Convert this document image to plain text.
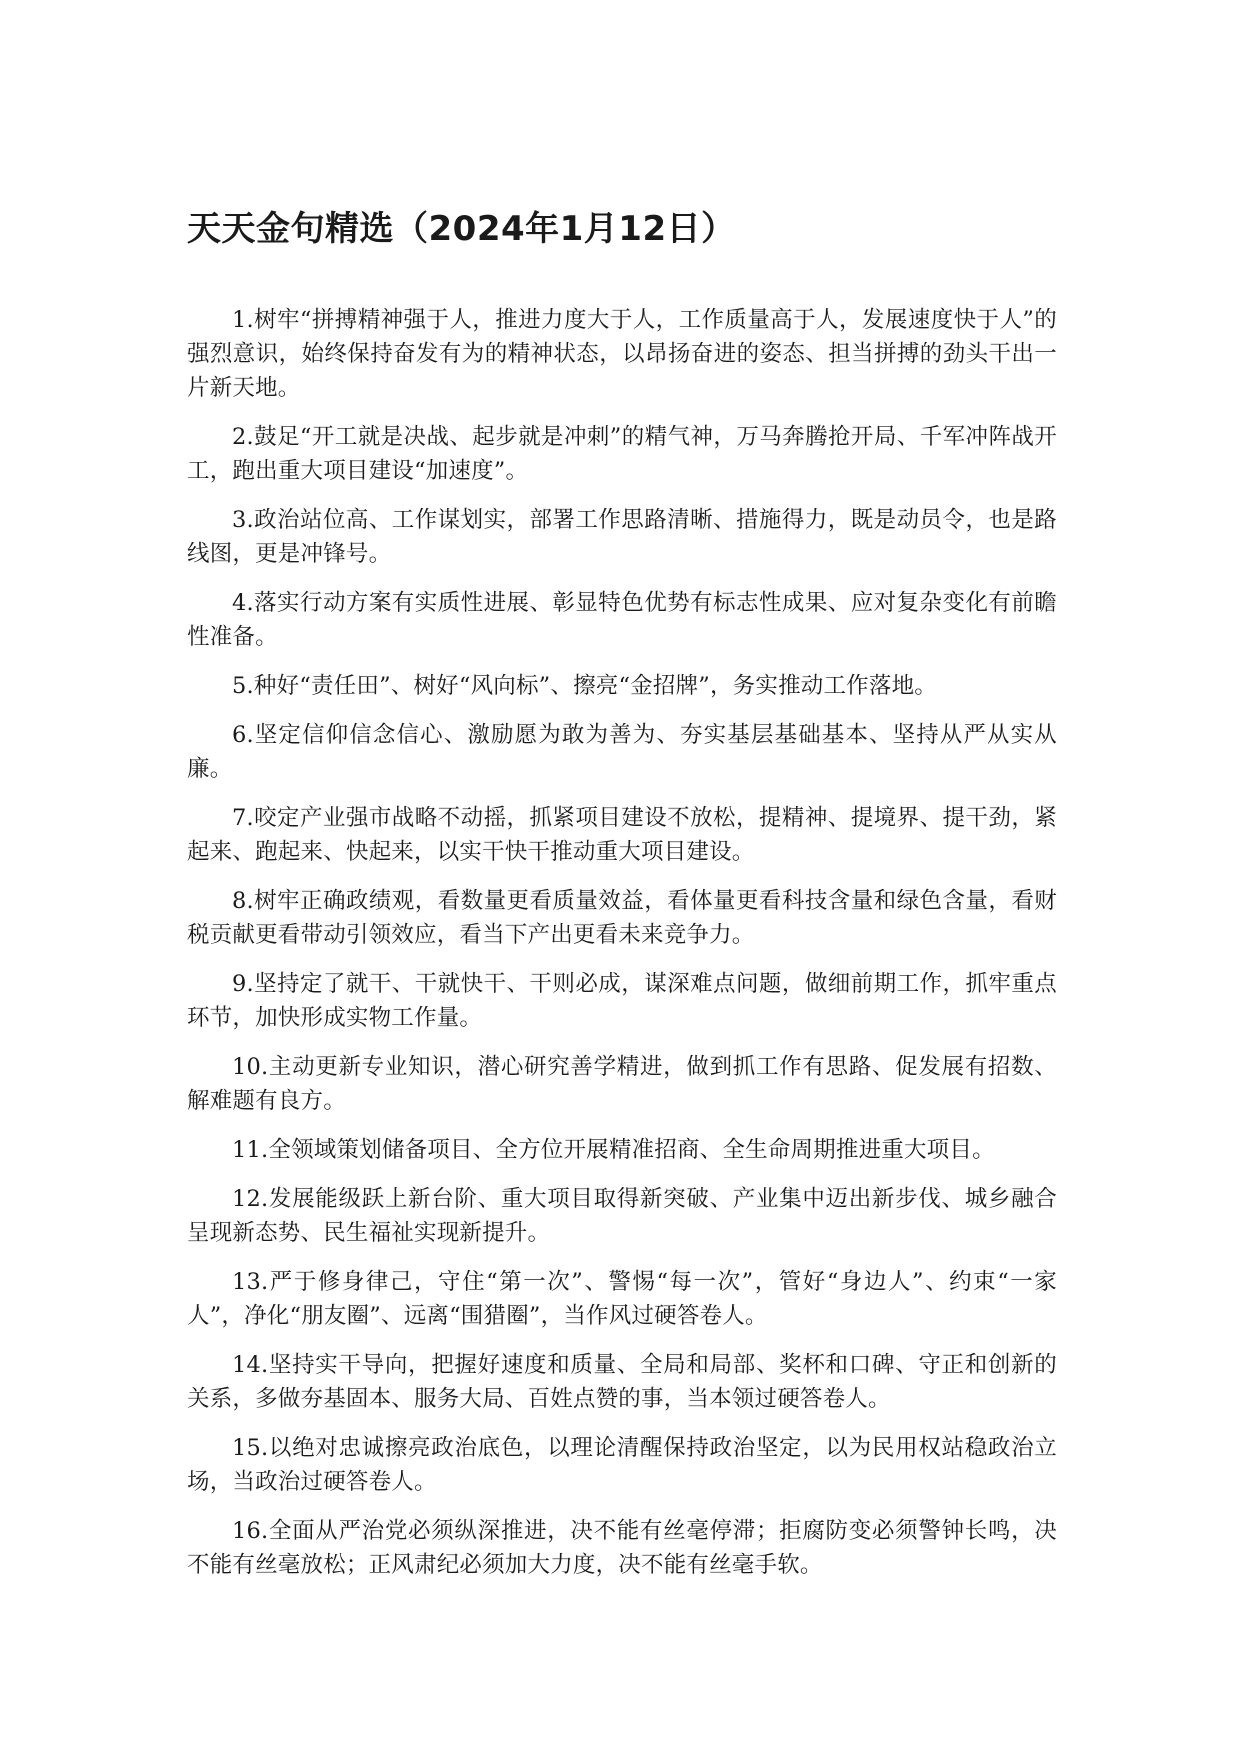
天天金句精选（2024年1月12日）

1.树牢“拼搏精神强于人，推进力度大于人，工作质量高于人，发展速度快于人”的强烈意识，始终保持奋发有为的精神状态，以昂扬奋进的姿态、担当拼搏的劲头干出一片新天地。

2.鼓足“开工就是决战、起步就是冲刺”的精气神，万马奔腾抢开局、千军冲阵战开工，跑出重大项目建设“加速度”。

3.政治站位高、工作谋划实，部署工作思路清晰、措施得力，既是动员令，也是路线图，更是冲锋号。

4.落实行动方案有实质性进展、彰显特色优势有标志性成果、应对复杂变化有前瞻性准备。

5.种好“责任田”、树好“风向标”、擦亮“金招牌”，务实推动工作落地。

6.坚定信仰信念信心、激励愿为敢为善为、夯实基层基础基本、坚持从严从实从廉。

7.咬定产业强市战略不动摇，抓紧项目建设不放松，提精神、提境界、提干劲，紧起来、跑起来、快起来，以实干快干推动重大项目建设。

8.树牢正确政绩观，看数量更看质量效益，看体量更看科技含量和绿色含量，看财税贡献更看带动引领效应，看当下产出更看未来竞争力。

9.坚持定了就干、干就快干、干则必成，谋深难点问题，做细前期工作，抓牢重点环节，加快形成实物工作量。

10.主动更新专业知识，潜心研究善学精进，做到抓工作有思路、促发展有招数、解难题有良方。

11.全领域策划储备项目、全方位开展精准招商、全生命周期推进重大项目。

12.发展能级跃上新台阶、重大项目取得新突破、产业集中迈出新步伐、城乡融合呈现新态势、民生福祉实现新提升。

13.严于修身律己，守住“第一次”、警惕“每一次”，管好“身边人”、约束“一家人”，净化“朋友圈”、远离“围猎圈”，当作风过硬答卷人。

14.坚持实干导向，把握好速度和质量、全局和局部、奖杯和口碑、守正和创新的关系，多做夯基固本、服务大局、百姓点赞的事，当本领过硬答卷人。

15.以绝对忠诚擦亮政治底色，以理论清醒保持政治坚定，以为民用权站稳政治立场，当政治过硬答卷人。

16.全面从严治党必须纵深推进，决不能有丝毫停滞；拒腐防变必须警钟长鸣，决不能有丝毫放松；正风肃纪必须加大力度，决不能有丝毫手软。
